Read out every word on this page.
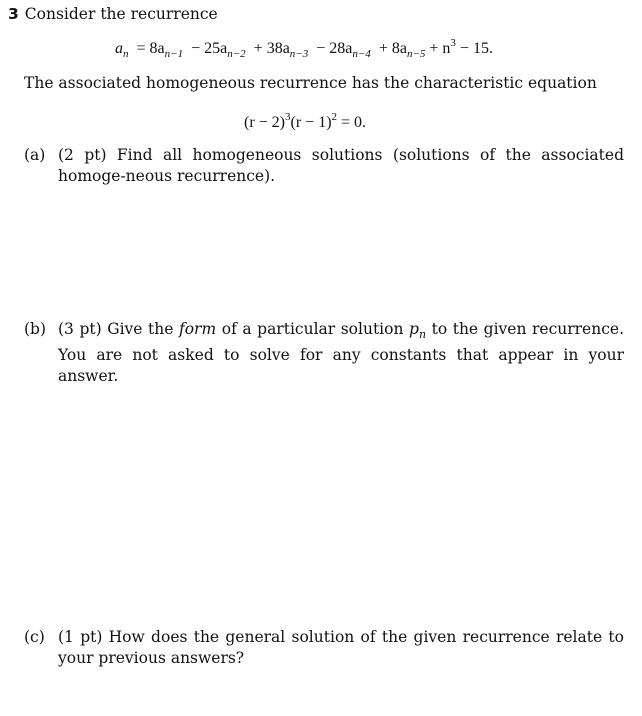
3 Consider the recurrence
$a_n = 8a_{n-1} - 25a_{n-2} + 38a_{n-3} - 28a_{n-4} + 8a_{n-5} + n^3 - 15$.
The associated homogeneous recurrence has the characteristic equation
$(r - 2)^3(r - 1)^2 = 0$.
(a) (2 pt) Find all homogeneous solutions (solutions of the associated homoge-neous recurrence).
(b) (3 pt) Give the form of a particular solution $p_n$ to the given recurrence. You are not asked to solve for any constants that appear in your answer.
(c) (1 pt) How does the general solution of the given recurrence relate to your previous answers?
